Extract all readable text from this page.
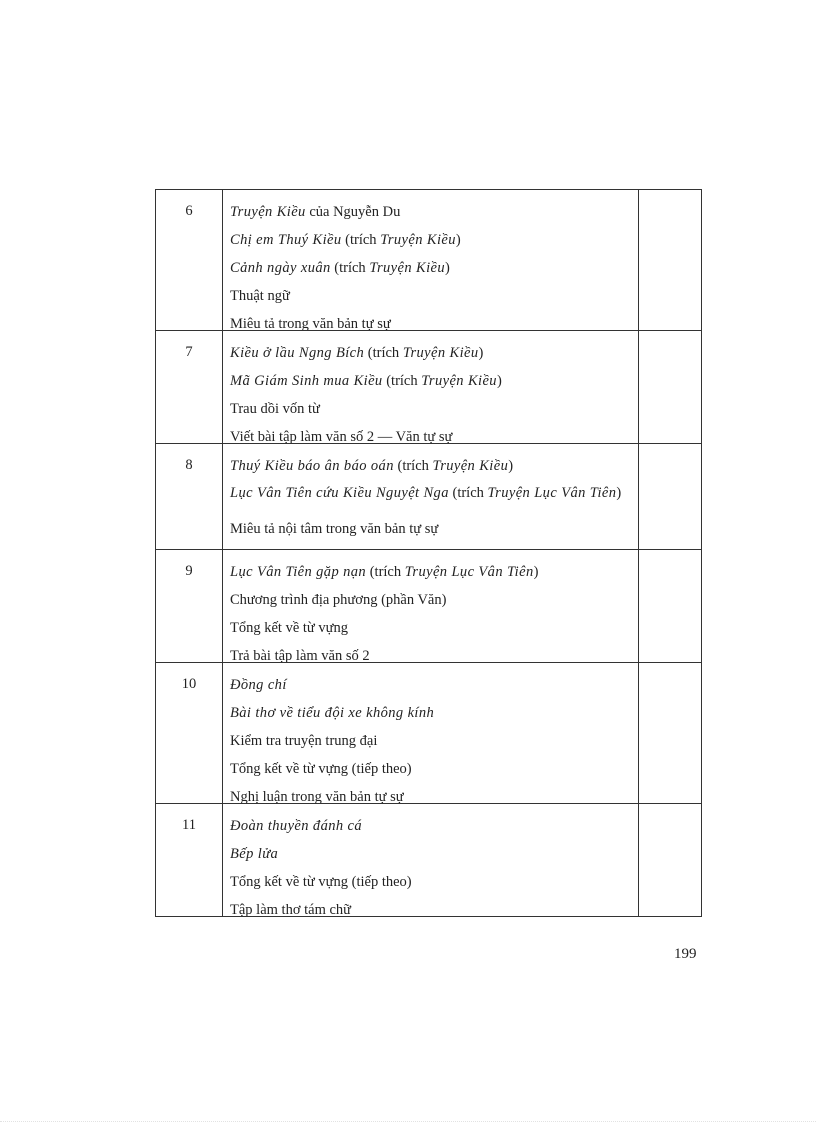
6	Truyện Kiều của Nguyễn Du
Chị em Thuý Kiều (trích Truyện Kiều)
Cảnh ngày xuân (trích Truyện Kiều)
Thuật ngữ
Miêu tả trong văn bản tự sự	

7	Kiều ở lầu Ngng Bích (trích Truyện Kiều)
Mã Giám Sinh mua Kiều (trích Truyện Kiều)
Trau dồi vốn từ
Viết bài tập làm văn số 2 — Văn tự sự	

8	Thuý Kiều báo ân báo oán (trích Truyện Kiều)
Lục Vân Tiên cứu Kiều Nguyệt Nga (trích Truyện Lục Vân Tiên)
Miêu tả nội tâm trong văn bản tự sự	

9	Lục Vân Tiên gặp nạn (trích Truyện Lục Vân Tiên)
Chương trình địa phương (phần Văn)
Tổng kết về từ vựng
Trả bài tập làm văn số 2	

10	Đồng chí
Bài thơ về tiểu đội xe không kính
Kiểm tra truyện trung đại
Tổng kết về từ vựng (tiếp theo)
Nghị luận trong văn bản tự sự	

11	Đoàn thuyền đánh cá
Bếp lửa
Tổng kết về từ vựng (tiếp theo)
Tập làm thơ tám chữ	

199
